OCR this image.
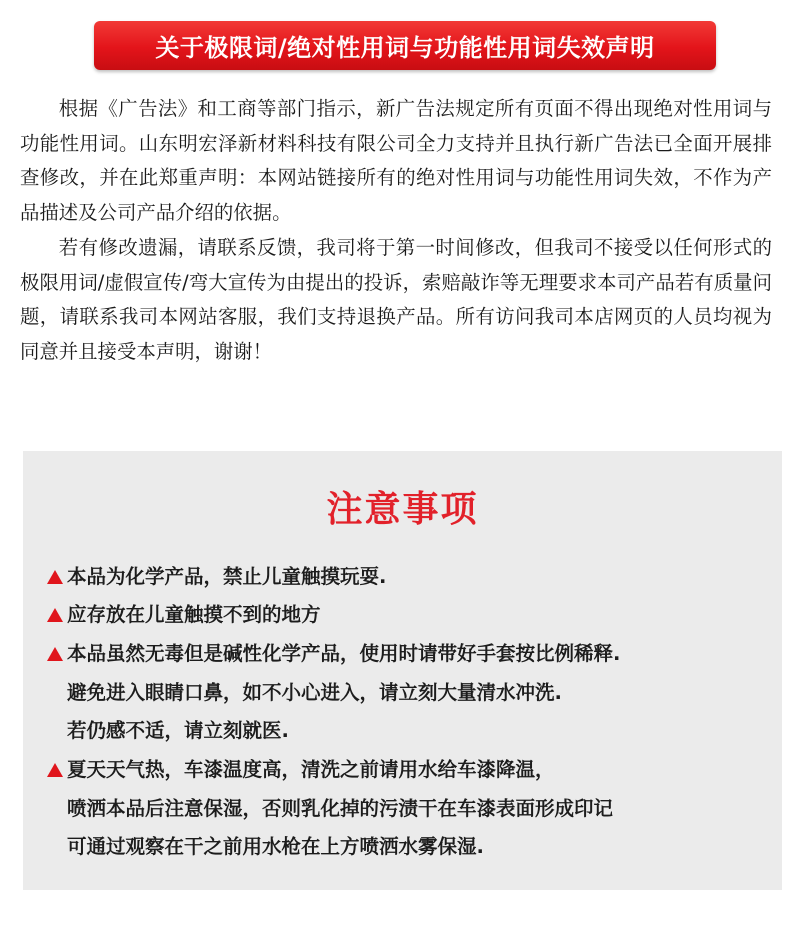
关于极限词/绝对性用词与功能性用词失效声明

根据《广告法》和工商等部门指示，新广告法规定所有页面不得出现绝对性用词与功能性用词。山东明宏泽新材料科技有限公司全力支持并且执行新广告法已全面开展排查修改，并在此郑重声明：本网站链接所有的绝对性用词与功能性用词失效，不作为产品描述及公司产品介绍的依据。

若有修改遗漏，请联系反馈，我司将于第一时间修改，但我司不接受以任何形式的极限用词/虚假宣传/弯大宣传为由提出的投诉，索赔敲诈等无理要求本司产品若有质量问题，请联系我司本网站客服，我们支持退换产品。所有访问我司本店网页的人员均视为同意并且接受本声明，谢谢！

注意事项
本品为化学产品，禁止儿童触摸玩耍.
应存放在儿童触摸不到的地方
本品虽然无毒但是碱性化学产品，使用时请带好手套按比例稀释.
避免进入眼睛口鼻，如不小心进入，请立刻大量清水冲洗.
若仍感不适，请立刻就医.
夏天天气热，车漆温度高，清洗之前请用水给车漆降温，
喷洒本品后注意保湿，否则乳化掉的污渍干在车漆表面形成印记
可通过观察在干之前用水枪在上方喷洒水雾保湿.
